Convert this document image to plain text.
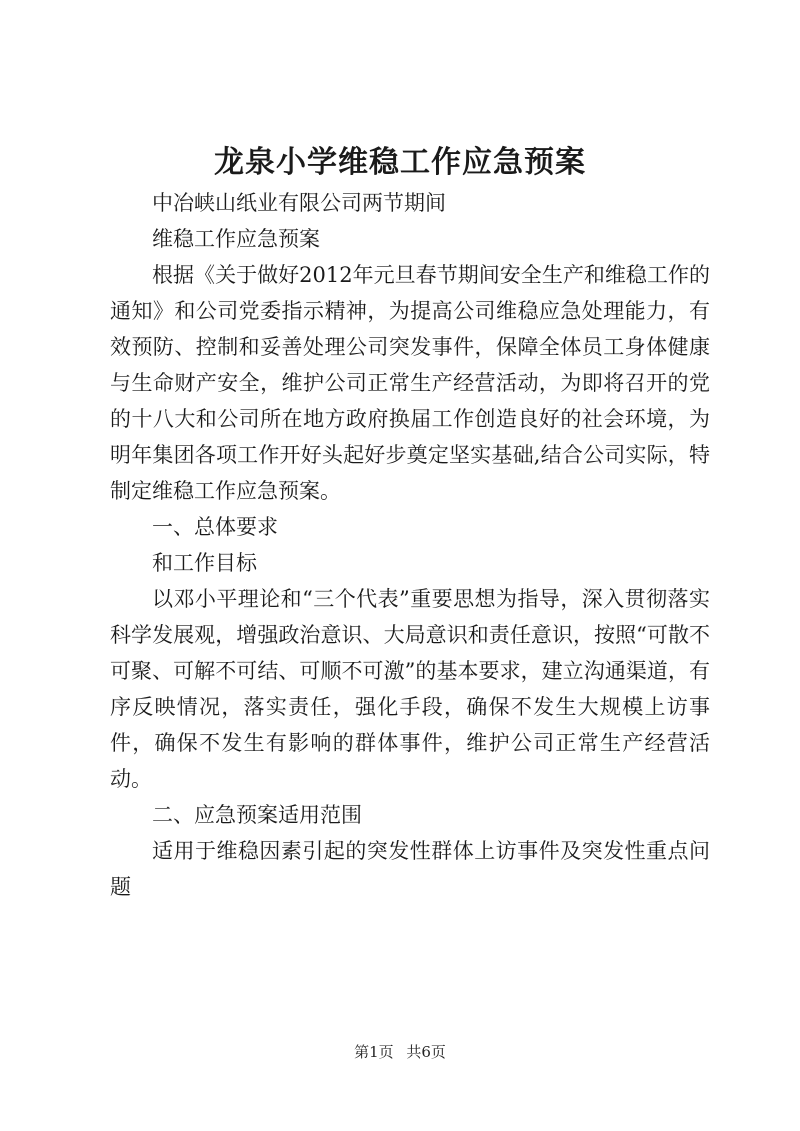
龙泉小学维稳工作应急预案

中冶峡山纸业有限公司两节期间

维稳工作应急预案

根据《关于做好2012年元旦春节期间安全生产和维稳工作的通知》和公司党委指示精神，为提高公司维稳应急处理能力，有效预防、控制和妥善处理公司突发事件，保障全体员工身体健康与生命财产安全，维护公司正常生产经营活动，为即将召开的党的十八大和公司所在地方政府换届工作创造良好的社会环境，为明年集团各项工作开好头起好步奠定坚实基础,结合公司实际，特制定维稳工作应急预案。

一、总体要求

和工作目标

以邓小平理论和“三个代表”重要思想为指导，深入贯彻落实科学发展观，增强政治意识、大局意识和责任意识，按照“可散不可聚、可解不可结、可顺不可激”的基本要求，建立沟通渠道，有序反映情况，落实责任，强化手段，确保不发生大规模上访事件，确保不发生有影响的群体事件，维护公司正常生产经营活动。

二、应急预案适用范围

适用于维稳因素引起的突发性群体上访事件及突发性重点问题

第1页 共6页
